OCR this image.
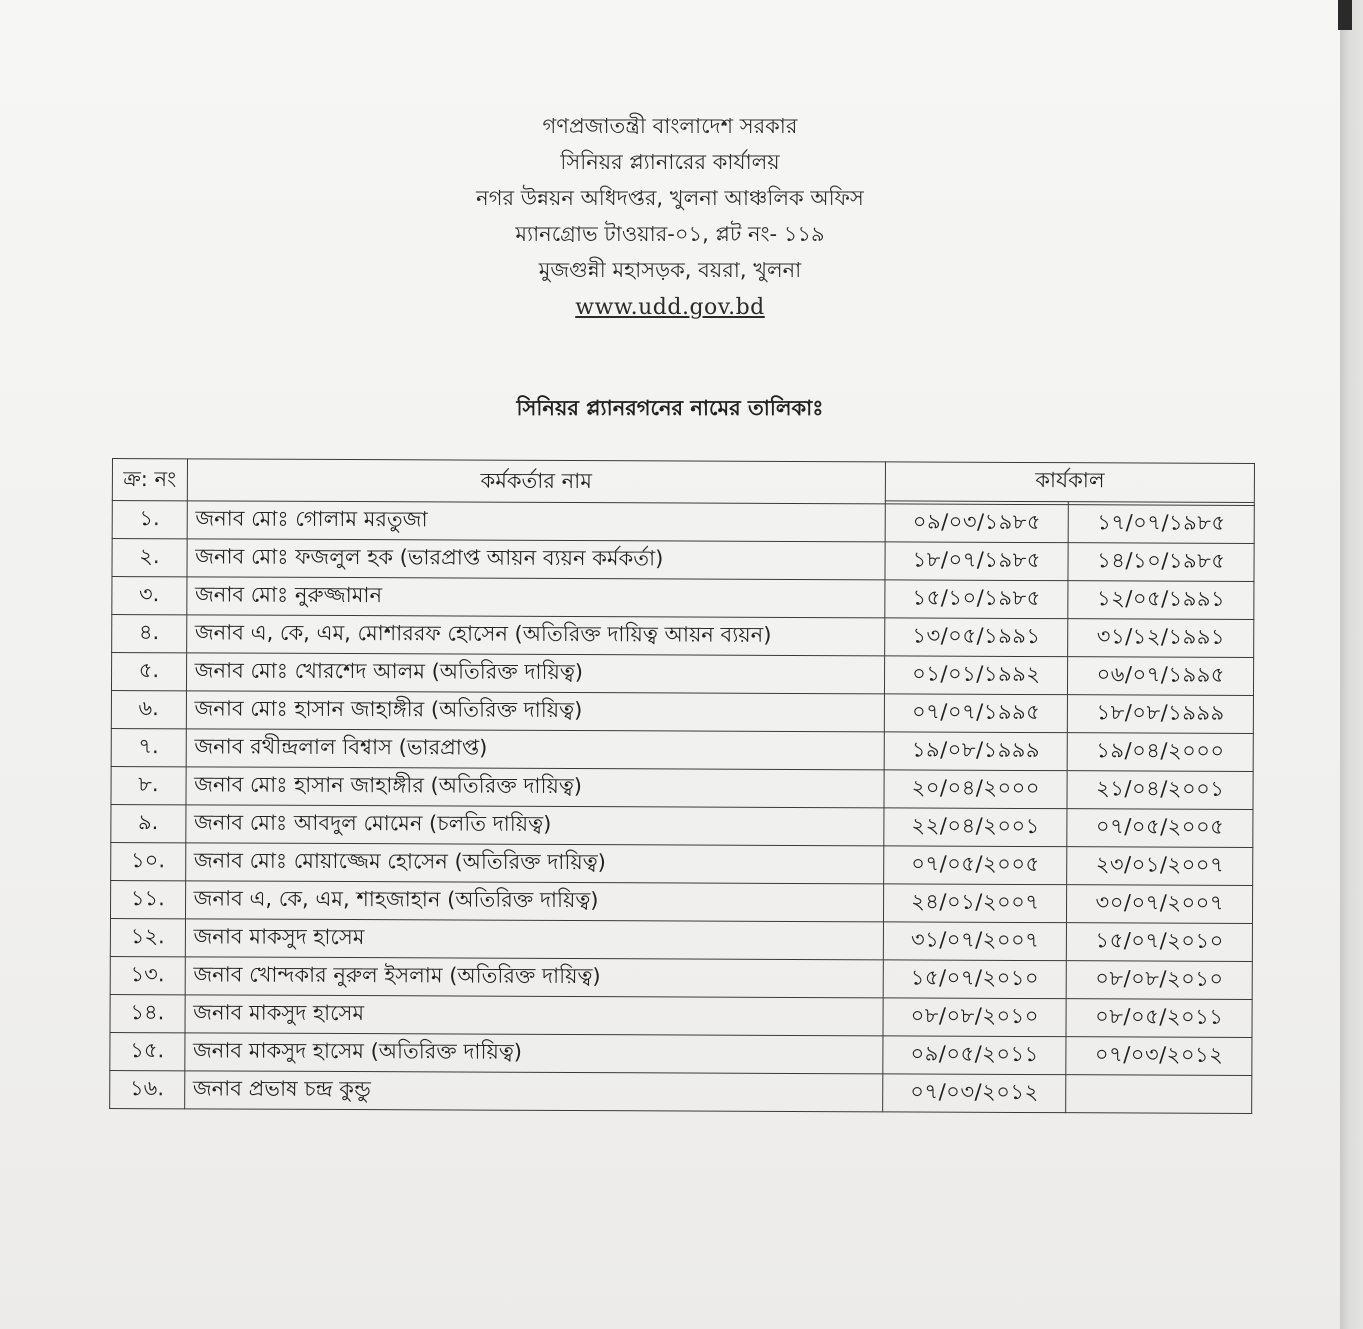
গণপ্রজাতন্ত্রী বাংলাদেশ সরকার
সিনিয়র প্ল্যানারের কার্যালয়
নগর উন্নয়ন অধিদপ্তর, খুলনা আঞ্চলিক অফিস
ম্যানগ্রোভ টাওয়ার-০১, প্লট নং- ১১৯
মুজগুন্নী মহাসড়ক, বয়রা, খুলনা
www.udd.gov.bd
সিনিয়র প্ল্যানরগনের নামের তালিকাঃ
ক্র: নং	কর্মকর্তার নাম	কার্যকাল	

১.	জনাব মোঃ গোলাম মরতুজা	০৯/০৩/১৯৮৫	১৭/০৭/১৯৮৫
২.	জনাব মোঃ ফজলুল হক (ভারপ্রাপ্ত আয়ন ব্যয়ন কর্মকর্তা)	১৮/০৭/১৯৮৫	১৪/১০/১৯৮৫
৩.	জনাব মোঃ নুরুজ্জামান	১৫/১০/১৯৮৫	১২/০৫/১৯৯১
৪.	জনাব এ, কে, এম, মোশাররফ হোসেন (অতিরিক্ত দায়িত্ব আয়ন ব্যয়ন)	১৩/০৫/১৯৯১	৩১/১২/১৯৯১
৫.	জনাব মোঃ খোরশেদ আলম (অতিরিক্ত দায়িত্ব)	০১/০১/১৯৯২	০৬/০৭/১৯৯৫
৬.	জনাব মোঃ হাসান জাহাঙ্গীর (অতিরিক্ত দায়িত্ব)	০৭/০৭/১৯৯৫	১৮/০৮/১৯৯৯
৭.	জনাব রথীন্দ্রলাল বিশ্বাস (ভারপ্রাপ্ত)	১৯/০৮/১৯৯৯	১৯/০৪/২০০০
৮.	জনাব মোঃ হাসান জাহাঙ্গীর (অতিরিক্ত দায়িত্ব)	২০/০৪/২০০০	২১/০৪/২০০১
৯.	জনাব মোঃ আবদুল মোমেন (চলতি দায়িত্ব)	২২/০৪/২০০১	০৭/০৫/২০০৫
১০.	জনাব মোঃ মোয়াজ্জেম হোসেন (অতিরিক্ত দায়িত্ব)	০৭/০৫/২০০৫	২৩/০১/২০০৭
১১.	জনাব এ, কে, এম, শাহজাহান (অতিরিক্ত দায়িত্ব)	২৪/০১/২০০৭	৩০/০৭/২০০৭
১২.	জনাব মাকসুদ হাসেম	৩১/০৭/২০০৭	১৫/০৭/২০১০
১৩.	জনাব খোন্দকার নুরুল ইসলাম (অতিরিক্ত দায়িত্ব)	১৫/০৭/২০১০	০৮/০৮/২০১০
১৪.	জনাব মাকসুদ হাসেম	০৮/০৮/২০১০	০৮/০৫/২০১১
১৫.	জনাব মাকসুদ হাসেম (অতিরিক্ত দায়িত্ব)	০৯/০৫/২০১১	০৭/০৩/২০১২
১৬.	জনাব প্রভাষ চন্দ্র কুন্ডু	০৭/০৩/২০১২	
